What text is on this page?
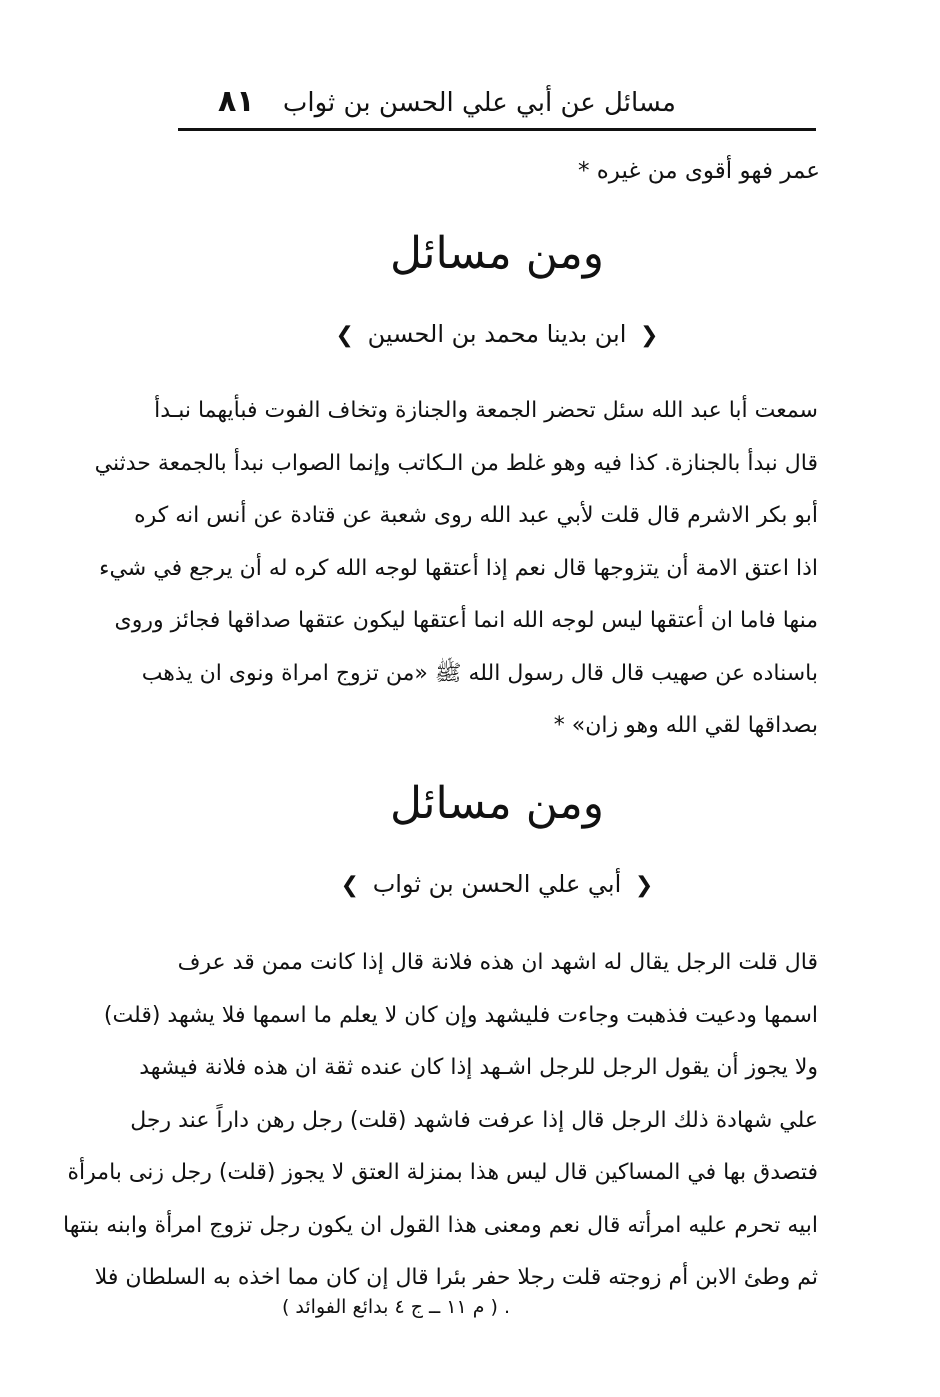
٨١ مسائل عن أبي علي الحسن بن ثواب
عمر فهو أقوى من غيره *
ومن مسائل
❮ ابن بدينا محمد بن الحسين ❯
سمعت أبا عبد الله سئل تحضر الجمعة والجنازة وتخاف الفوت فبأيهما نبـدأ
قال نبدأ بالجنازة. كذا فيه وهو غلط من الـكاتب وإنما الصواب نبدأ بالجمعة حدثني
أبو بكر الاشرم قال قلت لأبي عبد الله روى شعبة عن قتادة عن أنس انه كره
اذا اعتق الامة أن يتزوجها قال نعم إذا أعتقها لوجه الله كره له أن يرجع في شيء
منها فاما ان أعتقها ليس لوجه الله انما أعتقها ليكون عتقها صداقها فجائز وروى
باسناده عن صهيب قال قال رسول الله ﷺ «من تزوج امراة ونوى ان يذهب
بصداقها لقي الله وهو زان» *
ومن مسائل
❮ أبي علي الحسن بن ثواب ❯
قال قلت الرجل يقال له اشهد ان هذه فلانة قال إذا كانت ممن قد عرف
اسمها ودعيت فذهبت وجاءت فليشهد وإن كان لا يعلم ما اسمها فلا يشهد (قلت)
ولا يجوز أن يقول الرجل للرجل اشـهد إذا كان عنده ثقة ان هذه فلانة فيشهد
علي شهادة ذلك الرجل قال إذا عرفت فاشهد (قلت) رجل رهن داراً عند رجل
فتصدق بها في المساكين قال ليس هذا بمنزلة العتق لا يجوز (قلت) رجل زنى بامرأة
ابيه تحرم عليه امرأته قال نعم ومعنى هذا القول ان يكون رجل تزوج امرأة وابنه بنتها
ثم وطئ الابن أم زوجته قلت رجلا حفر بئرا قال إن كان مما اخذه به السلطان فلا
. ( م ١١ ــ ج ٤ بدائع الفوائد )
